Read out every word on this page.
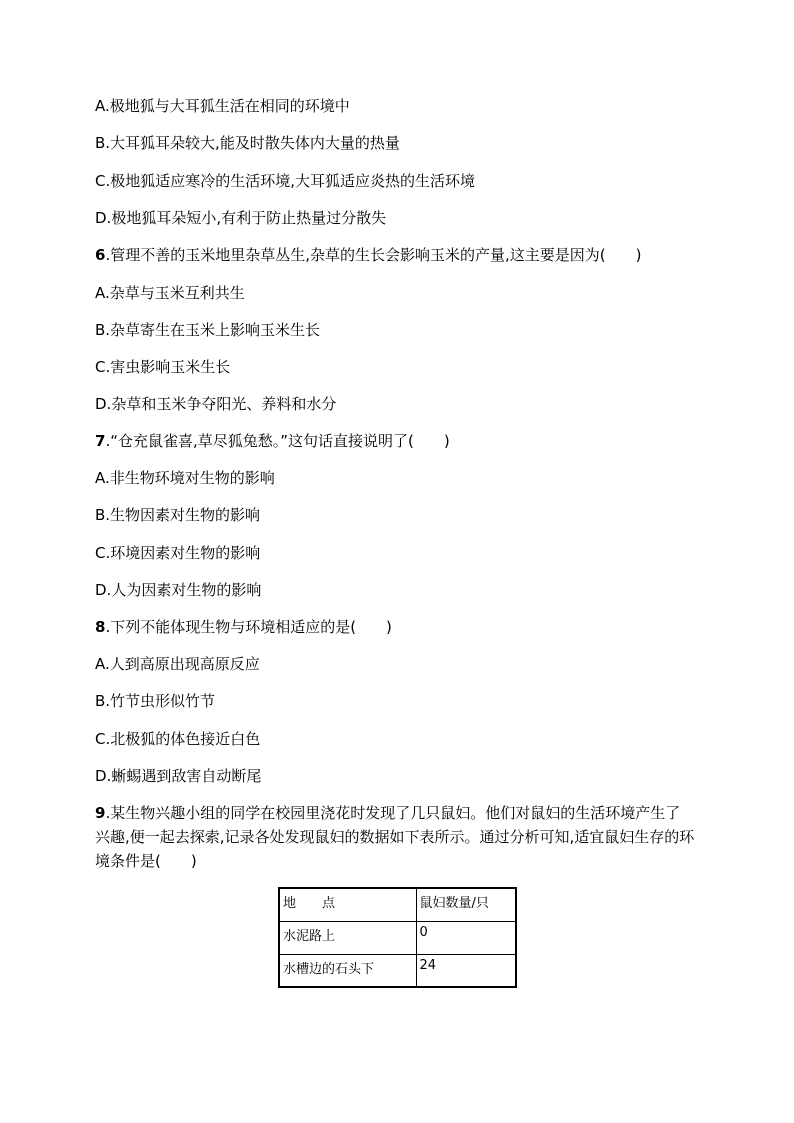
A.极地狐与大耳狐生活在相同的环境中
B.大耳狐耳朵较大,能及时散失体内大量的热量
C.极地狐适应寒冷的生活环境,大耳狐适应炎热的生活环境
D.极地狐耳朵短小,有利于防止热量过分散失
6.管理不善的玉米地里杂草丛生,杂草的生长会影响玉米的产量,这主要是因为(　　)
A.杂草与玉米互利共生
B.杂草寄生在玉米上影响玉米生长
C.害虫影响玉米生长
D.杂草和玉米争夺阳光、养料和水分
7.“仓充鼠雀喜,草尽狐兔愁。”这句话直接说明了(　　)
A.非生物环境对生物的影响
B.生物因素对生物的影响
C.环境因素对生物的影响
D.人为因素对生物的影响
8.下列不能体现生物与环境相适应的是(　　)
A.人到高原出现高原反应
B.竹节虫形似竹节
C.北极狐的体色接近白色
D.蜥蜴遇到敌害自动断尾
9.某生物兴趣小组的同学在校园里浇花时发现了几只鼠妇。他们对鼠妇的生活环境产生了兴趣,便一起去探索,记录各处发现鼠妇的数据如下表所示。通过分析可知,适宜鼠妇生存的环境条件是(　　)
地　　点	鼠妇数量/只
水泥路上	0
水槽边的石头下	24
